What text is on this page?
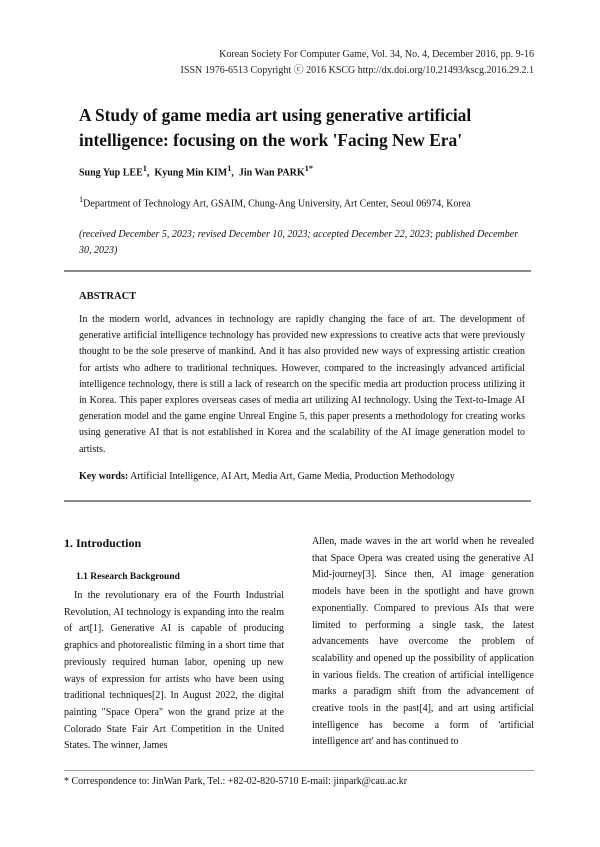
Korean Society For Computer Game, Vol. 34, No. 4, December 2016, pp. 9-16
ISSN 1976-6513 Copyright ⓒ 2016 KSCG http://dx.doi.org/10.21493/kscg.2016.29.2.1
A Study of game media art using generative artificial intelligence: focusing on the work 'Facing New Era'
Sung Yup LEE$^1$,  Kyung Min KIM$^1$,  Jin Wan $PARK^{1*}$
$^1$Department of Technology Art, GSAIM, Chung-Ang University, Art Center, Seoul 06974, Korea
(received December 5, 2023; revised December 10, 2023; accepted December 22, 2023; published December 30, 2023)
ABSTRACT
In the modern world, advances in technology are rapidly changing the face of art. The development of generative artificial intelligence technology has provided new expressions to creative acts that were previously thought to be the sole preserve of mankind. And it has also provided new ways of expressing artistic creation for artists who adhere to traditional techniques. However, compared to the increasingly advanced artificial intelligence technology, there is still a lack of research on the specific media art production process utilizing it in Korea. This paper explores overseas cases of media art utilizing AI technology. Using the Text-to-Image AI generation model and the game engine Unreal Engine 5, this paper presents a methodology for creating works using generative AI that is not established in Korea and the scalability of the AI image generation model to artists.
Key words: Artificial Intelligence, AI Art, Media Art, Game Media, Production Methodology
1. Introduction
1.1 Research Background
In the revolutionary era of the Fourth Industrial Revolution, AI technology is expanding into the realm of art[1]. Generative AI is capable of producing graphics and photorealistic filming in a short time that previously required human labor, opening up new ways of expression for artists who have been using traditional techniques[2]. In August 2022, the digital painting "Space Opera" won the grand prize at the Colorado State Fair Art Competition in the United States. The winner, James
Allen, made waves in the art world when he revealed that Space Opera was created using the generative AI Mid-journey[3]. Since then, AI image generation models have been in the spotlight and have grown exponentially. Compared to previous AIs that were limited to performing a single task, the latest advancements have overcome the problem of scalability and opened up the possibility of application in various fields. The creation of artificial intelligence marks a paradigm shift from the advancement of creative tools in the past[4], and art using artificial intelligence has become a form of 'artificial intelligence art' and has continued to
* Correspondence to: JinWan Park, Tel.: +82-02-820-5710 E-mail: jinpark@cau.ac.kr
